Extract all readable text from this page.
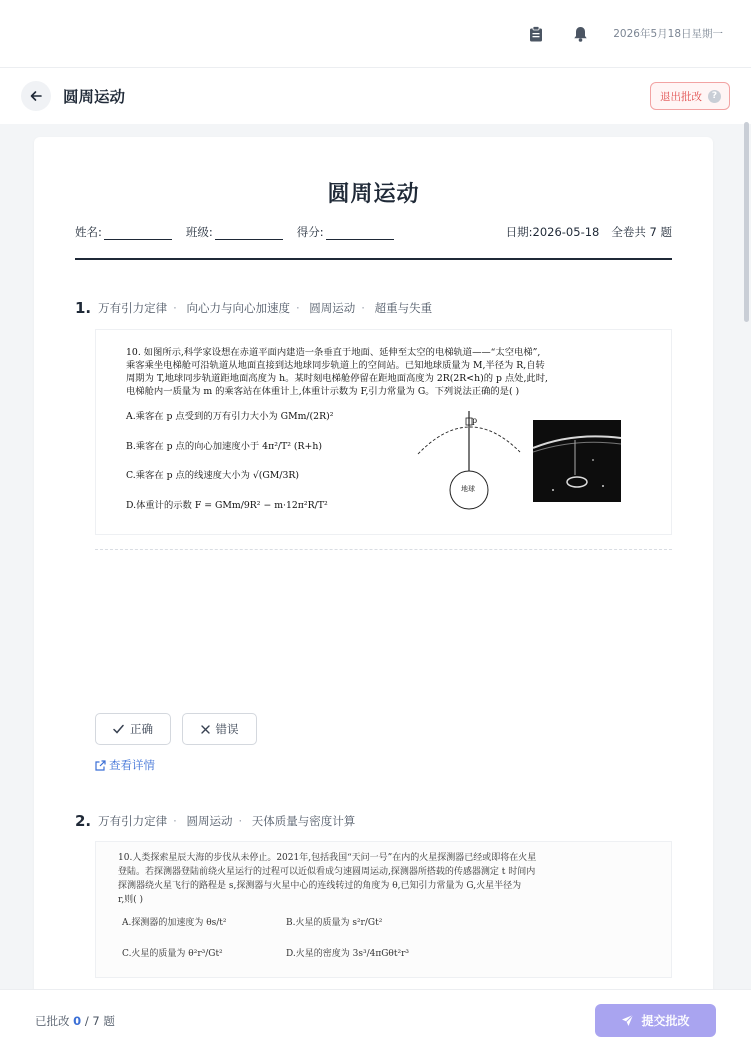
2026年5月18日星期一
圆周运动	退出批改	?
圆周运动
姓名:	班级:	得分:	日期:2026-05-18 全卷共 7 题
1. 万有引力定律 · 向心力与向心加速度 · 圆周运动 · 超重与失重
10. 如图所示,科学家设想在赤道平面内建造一条垂直于地面、延伸至太空的电梯轨道——“太空电梯”,
乘客乘坐电梯舱可沿轨道从地面直接到达地球同步轨道上的空间站。已知地球质量为 M,半径为 R,自转
周期为 T,地球同步轨道距地面高度为 h。某时刻电梯舱停留在距地面高度为 2R(2R<h)的 p 点处,此时,
电梯舱内一质量为 m 的乘客站在体重计上,体重计示数为 F,引力常量为 G。下列说法正确的是( )
A.乘客在 p 点受到的万有引力大小为 GMm/(2R)²
B.乘客在 p 点的向心加速度小于 4π²/T² (R+h)
C.乘客在 p 点的线速度大小为 √(GM/3R)
D.体重计的示数 F = GMm/9R² − m·12π²R/T²
p
地球
正确	错误
查看详情
2. 万有引力定律 · 圆周运动 · 天体质量与密度计算
10.人类探索星辰大海的步伐从未停止。2021年,包括我国“天问一号”在内的火星探测器已经或即将在火星
登陆。若探测器登陆前绕火星运行的过程可以近似看成匀速圆周运动,探测器所搭载的传感器测定 t 时间内
探测器绕火星飞行的路程是 s,探测器与火星中心的连线转过的角度为 θ,已知引力常量为 G,火星半径为
r,则( )
A.探测器的加速度为 θs/t²	B.火星的质量为 s²r/Gt²
C.火星的质量为 θ²r³/Gt²	D.火星的密度为 3s³/4πGθt²r³
已批改 0 / 7 题	提交批改
